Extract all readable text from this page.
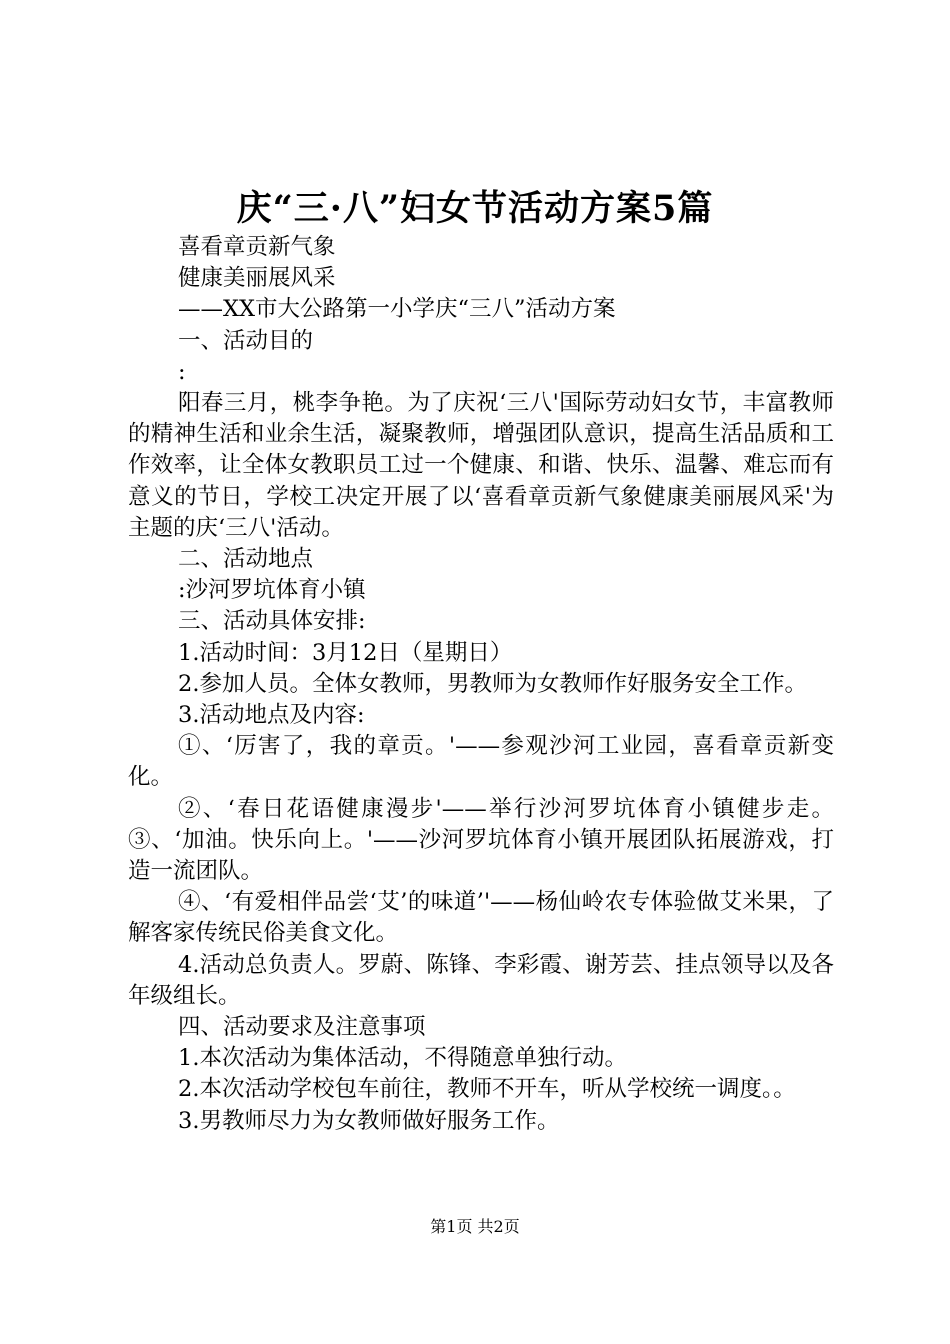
庆“三·八”妇女节活动方案5篇

喜看章贡新气象

健康美丽展风采

——XX市大公路第一小学庆“三八”活动方案

一、活动目的

:

阳春三月，桃李争艳。为了庆祝‘三八'国际劳动妇女节，丰富教师的精神生活和业余生活，凝聚教师，增强团队意识，提高生活品质和工作效率，让全体女教职员工过一个健康、和谐、快乐、温馨、难忘而有意义的节日，学校工决定开展了以‘喜看章贡新气象健康美丽展风采'为主题的庆‘三八'活动。

二、活动地点

:沙河罗坑体育小镇

三、活动具体安排:

1.活动时间：3月12日（星期日）

2.参加人员。全体女教师，男教师为女教师作好服务安全工作。

3.活动地点及内容:

①、‘厉害了，我的章贡。'——参观沙河工业园，喜看章贡新变化。

②、‘春日花语健康漫步'——举行沙河罗坑体育小镇健步走。③、‘加油。快乐向上。'——沙河罗坑体育小镇开展团队拓展游戏，打造一流团队。

④、‘有爱相伴品尝‘艾’的味道’'——杨仙岭农专体验做艾米果，了解客家传统民俗美食文化。

4.活动总负责人。罗蔚、陈锋、李彩霞、谢芳芸、挂点领导以及各年级组长。

四、活动要求及注意事项

1.本次活动为集体活动，不得随意单独行动。

2.本次活动学校包车前往，教师不开车，听从学校统一调度。。

3.男教师尽力为女教师做好服务工作。

第1页 共2页
